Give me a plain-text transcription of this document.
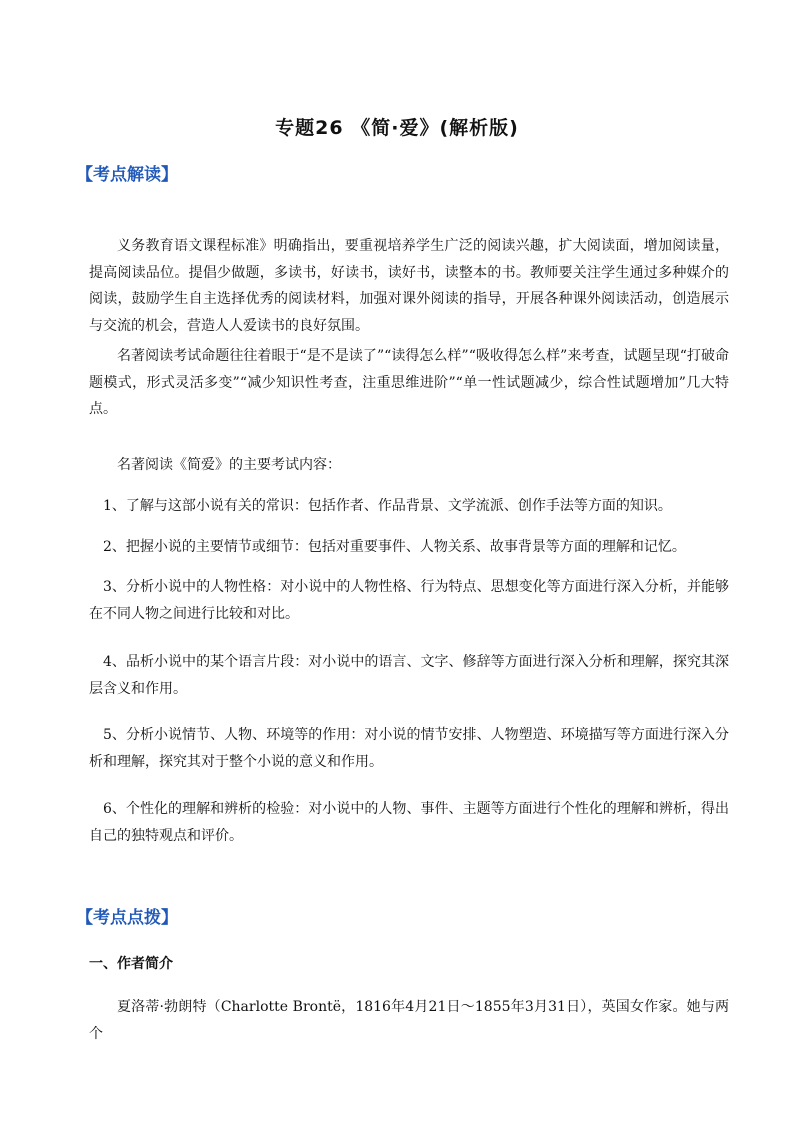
专题26 《简·爱》(解析版)
【考点解读】
义务教育语文课程标准》明确指出，要重视培养学生广泛的阅读兴趣，扩大阅读面，增加阅读量，提高阅读品位。提倡少做题，多读书，好读书，读好书，读整本的书。教师要关注学生通过多种媒介的阅读，鼓励学生自主选择优秀的阅读材料，加强对课外阅读的指导，开展各种课外阅读活动，创造展示与交流的机会，营造人人爱读书的良好氛围。
名著阅读考试命题往往着眼于“是不是读了”“读得怎么样”“吸收得怎么样”来考查，试题呈现“打破命题模式，形式灵活多变”“减少知识性考查，注重思维进阶”“单一性试题减少，综合性试题增加”几大特点。
名著阅读《简爱》的主要考试内容：
1、了解与这部小说有关的常识：包括作者、作品背景、文学流派、创作手法等方面的知识。
2、把握小说的主要情节或细节：包括对重要事件、人物关系、故事背景等方面的理解和记忆。
3、分析小说中的人物性格：对小说中的人物性格、行为特点、思想变化等方面进行深入分析，并能够在不同人物之间进行比较和对比。
4、品析小说中的某个语言片段：对小说中的语言、文字、修辞等方面进行深入分析和理解，探究其深层含义和作用。
5、分析小说情节、人物、环境等的作用：对小说的情节安排、人物塑造、环境描写等方面进行深入分析和理解，探究其对于整个小说的意义和作用。
6、个性化的理解和辨析的检验：对小说中的人物、事件、主题等方面进行个性化的理解和辨析，得出自己的独特观点和评价。
【考点点拨】
一、作者简介
夏洛蒂·勃朗特（Charlotte Brontë，1816年4月21日～1855年3月31日），英国女作家。她与两个
